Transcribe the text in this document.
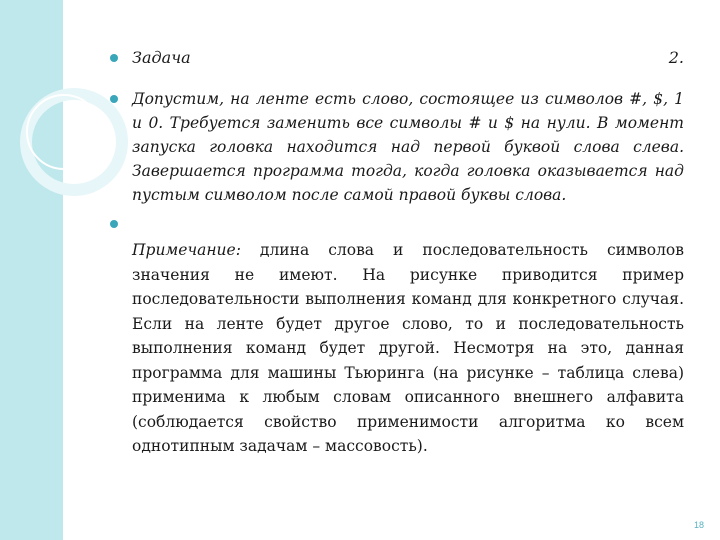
Задача	2.
Допустим, на ленте есть слово, состоящее из символов #, $, 1 и 0. Требуется заменить все символы # и $ на нули. В момент запуска головка находится над первой буквой слова слева. Завершается программа тогда, когда головка оказывается над пустым символом после самой правой буквы слова.
Примечание: длина слова и последовательность символов значения не имеют. На рисунке приводится пример последовательности выполнения команд для конкретного случая. Если на ленте будет другое слово, то и последовательность выполнения команд будет другой. Несмотря на это, данная программа для машины Тьюринга (на рисунке – таблица слева) применима к любым словам описанного внешнего алфавита (соблюдается свойство применимости алгоритма ко всем однотипным задачам – массовость).
18
